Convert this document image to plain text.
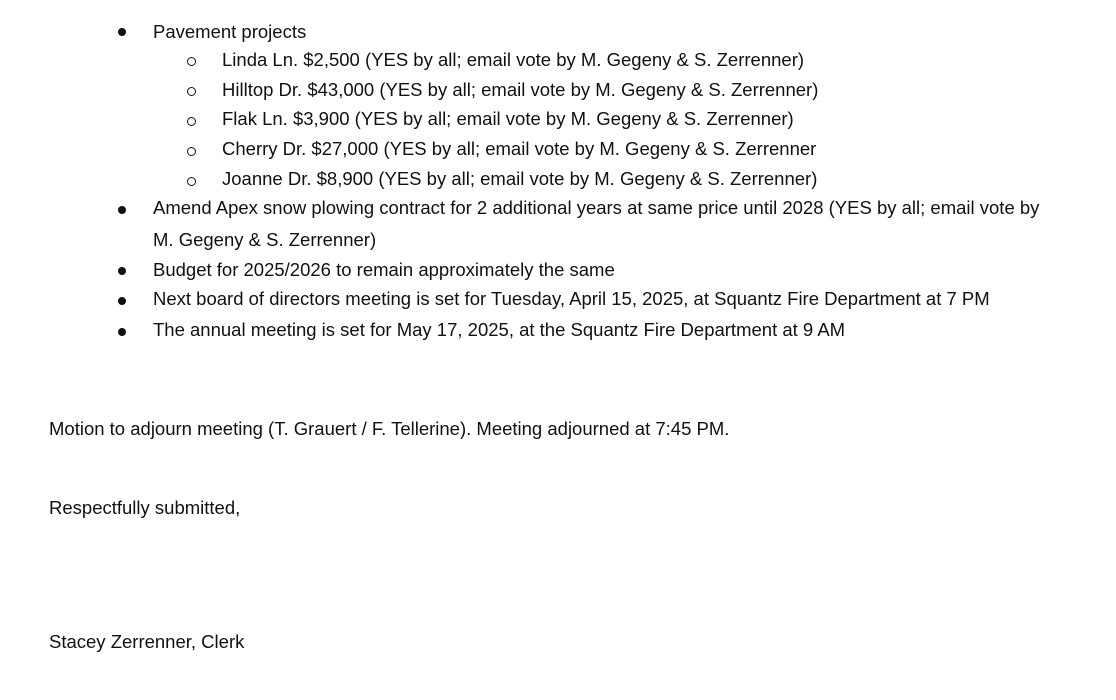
Pavement projects
Linda Ln. $2,500 (YES by all; email vote by M. Gegeny & S. Zerrenner)
Hilltop Dr. $43,000 (YES by all; email vote by M. Gegeny & S. Zerrenner)
Flak Ln. $3,900 (YES by all; email vote by M. Gegeny & S. Zerrenner)
Cherry Dr. $27,000 (YES by all; email vote by M. Gegeny & S. Zerrenner
Joanne Dr. $8,900 (YES by all; email vote by M. Gegeny & S. Zerrenner)
Amend Apex snow plowing contract for 2 additional years at same price until 2028 (YES by all; email vote by
M. Gegeny & S. Zerrenner)
Budget for 2025/2026 to remain approximately the same
Next board of directors meeting is set for Tuesday, April 15, 2025, at Squantz Fire Department at 7 PM
The annual meeting is set for May 17, 2025, at the Squantz Fire Department at 9 AM
Motion to adjourn meeting (T. Grauert / F. Tellerine). Meeting adjourned at 7:45 PM.
Respectfully submitted,
Stacey Zerrenner, Clerk
